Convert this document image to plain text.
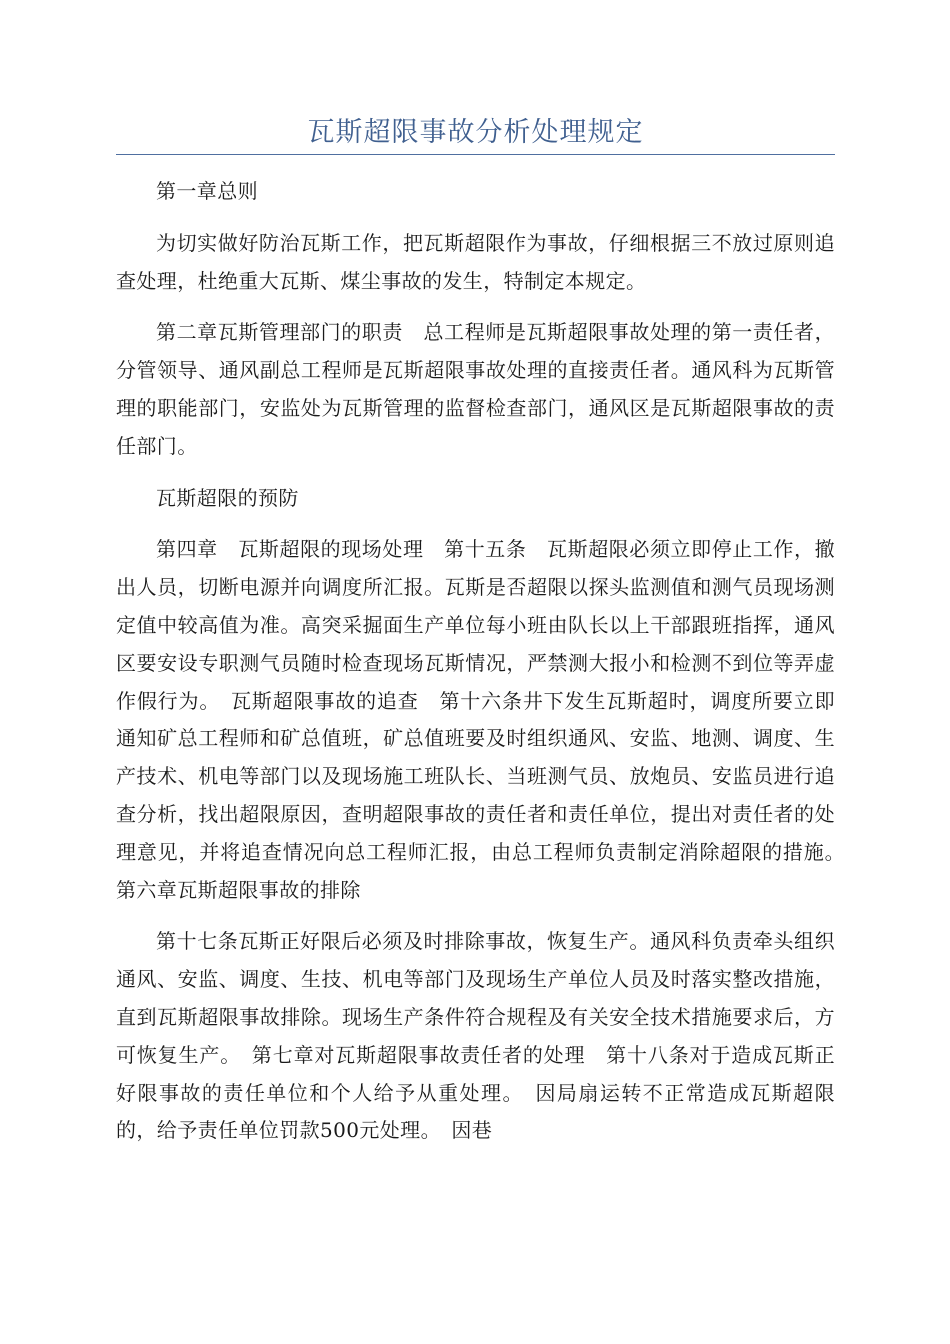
瓦斯超限事故分析处理规定

第一章总则

为切实做好防治瓦斯工作，把瓦斯超限作为事故，仔细根据三不放过原则追查处理，杜绝重大瓦斯、煤尘事故的发生，特制定本规定。

第二章瓦斯管理部门的职责　总工程师是瓦斯超限事故处理的第一责任者，分管领导、通风副总工程师是瓦斯超限事故处理的直接责任者。通风科为瓦斯管理的职能部门，安监处为瓦斯管理的监督检查部门，通风区是瓦斯超限事故的责任部门。

瓦斯超限的预防

第四章　瓦斯超限的现场处理　第十五条　瓦斯超限必须立即停止工作，撤出人员，切断电源并向调度所汇报。瓦斯是否超限以探头监测值和测气员现场测定值中较高值为准。高突采掘面生产单位每小班由队长以上干部跟班指挥，通风区要安设专职测气员随时检查现场瓦斯情况，严禁测大报小和检测不到位等弄虚作假行为。　瓦斯超限事故的追查　第十六条井下发生瓦斯超时，调度所要立即通知矿总工程师和矿总值班，矿总值班要及时组织通风、安监、地测、调度、生产技术、机电等部门以及现场施工班队长、当班测气员、放炮员、安监员进行追查分析，找出超限原因，查明超限事故的责任者和责任单位，提出对责任者的处理意见，并将追查情况向总工程师汇报，由总工程师负责制定消除超限的措施。　第六章瓦斯超限事故的排除

第十七条瓦斯正好限后必须及时排除事故，恢复生产。通风科负责牵头组织通风、安监、调度、生技、机电等部门及现场生产单位人员及时落实整改措施，直到瓦斯超限事故排除。现场生产条件符合规程及有关安全技术措施要求后，方可恢复生产。　第七章对瓦斯超限事故责任者的处理　第十八条对于造成瓦斯正好限事故的责任单位和个人给予从重处理。　因局扇运转不正常造成瓦斯超限的，给予责任单位罚款500元处理。　因巷
